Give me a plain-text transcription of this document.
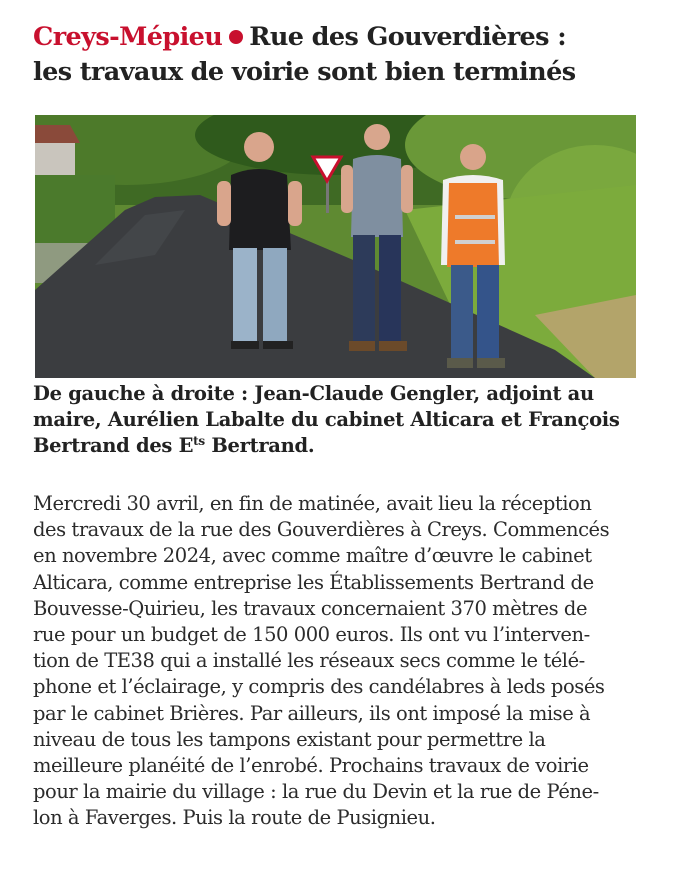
Creys-Mépieu Rue des Gouverdières :
les travaux de voirie sont bien terminés
De gauche à droite : Jean-Claude Gengler, adjoint au
maire, Aurélien Labalte du cabinet Alticara et François
Bertrand des $E^{ts}$ Bertrand.
Mercredi 30 avril, en fin de matinée, avait lieu la réception
des travaux de la rue des Gouverdières à Creys. Commencés
en novembre 2024, avec comme maître d’œuvre le cabinet
Alticara, comme entreprise les Établissements Bertrand de
Bouvesse-Quirieu, les travaux concernaient 370 mètres de
rue pour un budget de 150 000 euros. Ils ont vu l’interven-
tion de TE38 qui a installé les réseaux secs comme le télé-
phone et l’éclairage, y compris des candélabres à leds posés
par le cabinet Brières. Par ailleurs, ils ont imposé la mise à
niveau de tous les tampons existant pour permettre la
meilleure planéité de l’enrobé. Prochains travaux de voirie
pour la mairie du village : la rue du Devin et la rue de Péne-
lon à Faverges. Puis la route de Pusignieu.
